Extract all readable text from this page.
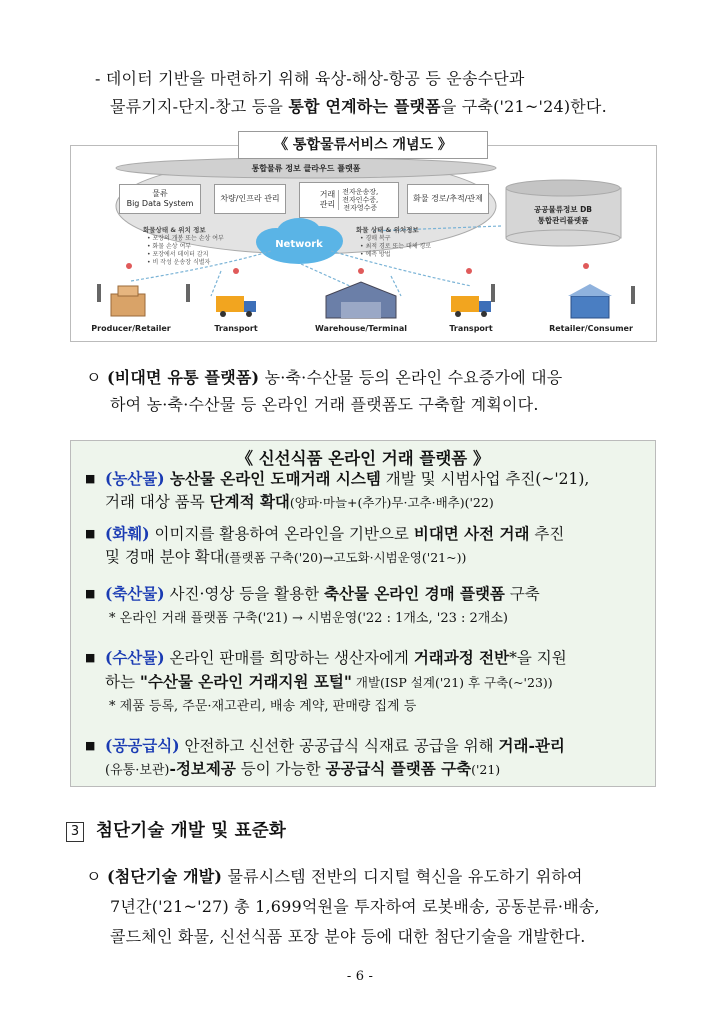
- 데이터 기반을 마련하기 위해 육상-해상-항공 등 운송수단과
물류기지-단지-창고 등을 통합 연계하는 플랫폼을 구축('21~'24)한다.
《 통합물류서비스 개념도 》
통합물류 정보 클라우드 플랫폼
물류
Big Data System
차량/인프라 관리	거래
관리
전자운송장,
전자인수증,
전자영수증
화물 경로/추적/관제
공공물류정보 DB
통합관리플랫폼
Network
화물상태 & 위치 정보
• 포장의 개봉 또는 손상 여부
• 화물 손상 여부
• 포장에서 데이터 감지
• 비 작성 운송장 식별자
화물 상태 & 위치정보
• 경매 복구
• 최적 경로 또는 대체 경로
• 예측 방법
Producer/Retailer	Transport	Warehouse/Terminal	Transport	Retailer/Consumer
ㅇ (비대면 유통 플랫폼) 농·축·수산물 등의 온라인 수요증가에 대응
하여 농·축·수산물 등 온라인 거래 플랫폼도 구축할 계획이다.
《 신선식품 온라인 거래 플랫폼 》
■ (농산물) 농산물 온라인 도매거래 시스템 개발 및 시범사업 추진(~'21),
거래 대상 품목 단계적 확대(양파·마늘+(추가)무·고추·배추)('22)
■ (화훼) 이미지를 활용하여 온라인을 기반으로 비대면 사전 거래 추진
및 경매 분야 확대(플랫폼 구축('20)→고도화·시범운영('21~))
■ (축산물) 사진·영상 등을 활용한 축산물 온라인 경매 플랫폼 구축
* 온라인 거래 플랫폼 구축('21) → 시범운영('22 : 1개소, '23 : 2개소)
■ (수산물) 온라인 판매를 희망하는 생산자에게 거래과정 전반*을 지원
하는 "수산물 온라인 거래지원 포털" 개발(ISP 설계('21) 후 구축(~'23))
* 제품 등록, 주문·재고관리, 배송 계약, 판매량 집계 등
■ (공공급식) 안전하고 신선한 공공급식 식재료 공급을 위해 거래-관리
(유통·보관)-정보제공 등이 가능한 공공급식 플랫폼 구축('21)
3 첨단기술 개발 및 표준화
ㅇ (첨단기술 개발) 물류시스템 전반의 디지털 혁신을 유도하기 위하여
7년간('21~'27) 총 1,699억원을 투자하여 로봇배송, 공동분류·배송,
콜드체인 화물, 신선식품 포장 분야 등에 대한 첨단기술을 개발한다.
- 6 -
